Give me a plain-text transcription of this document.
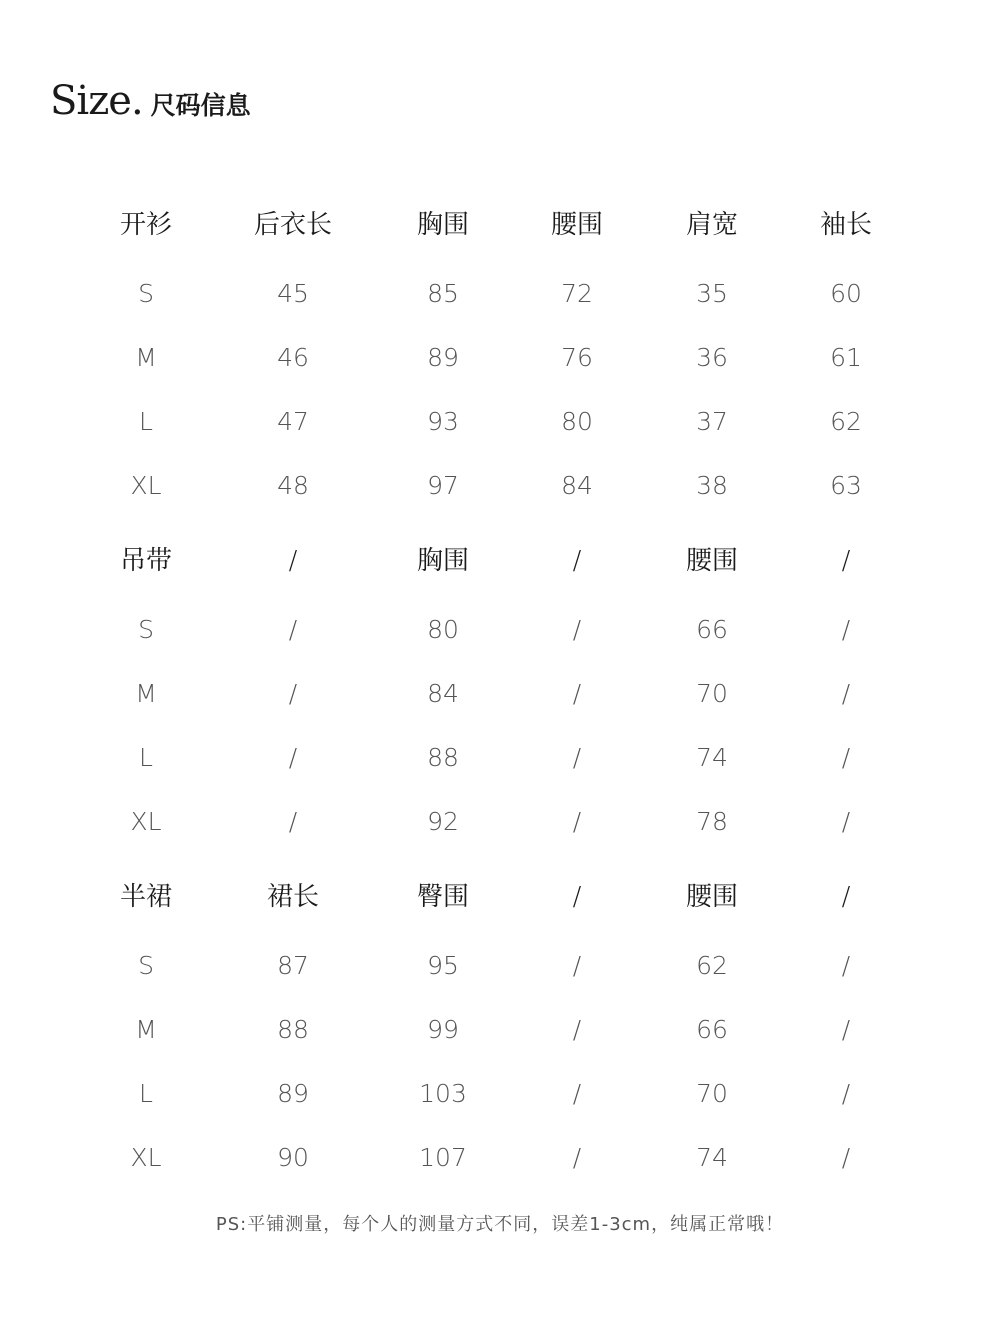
Size. 尺码信息
开衫	后衣长	胸围	腰围	肩宽	袖长
S	45	85	72	35	60
M	46	89	76	36	61
L	47	93	80	37	62
XL	48	97	84	38	63
吊带	/	胸围	/	腰围	/
S	/	80	/	66	/
M	/	84	/	70	/
L	/	88	/	74	/
XL	/	92	/	78	/
半裙	裙长	臀围	/	腰围	/
S	87	95	/	62	/
M	88	99	/	66	/
L	89	103	/	70	/
XL	90	107	/	74	/
PS:平铺测量，每个人的测量方式不同，误差1-3cm，纯属正常哦！
